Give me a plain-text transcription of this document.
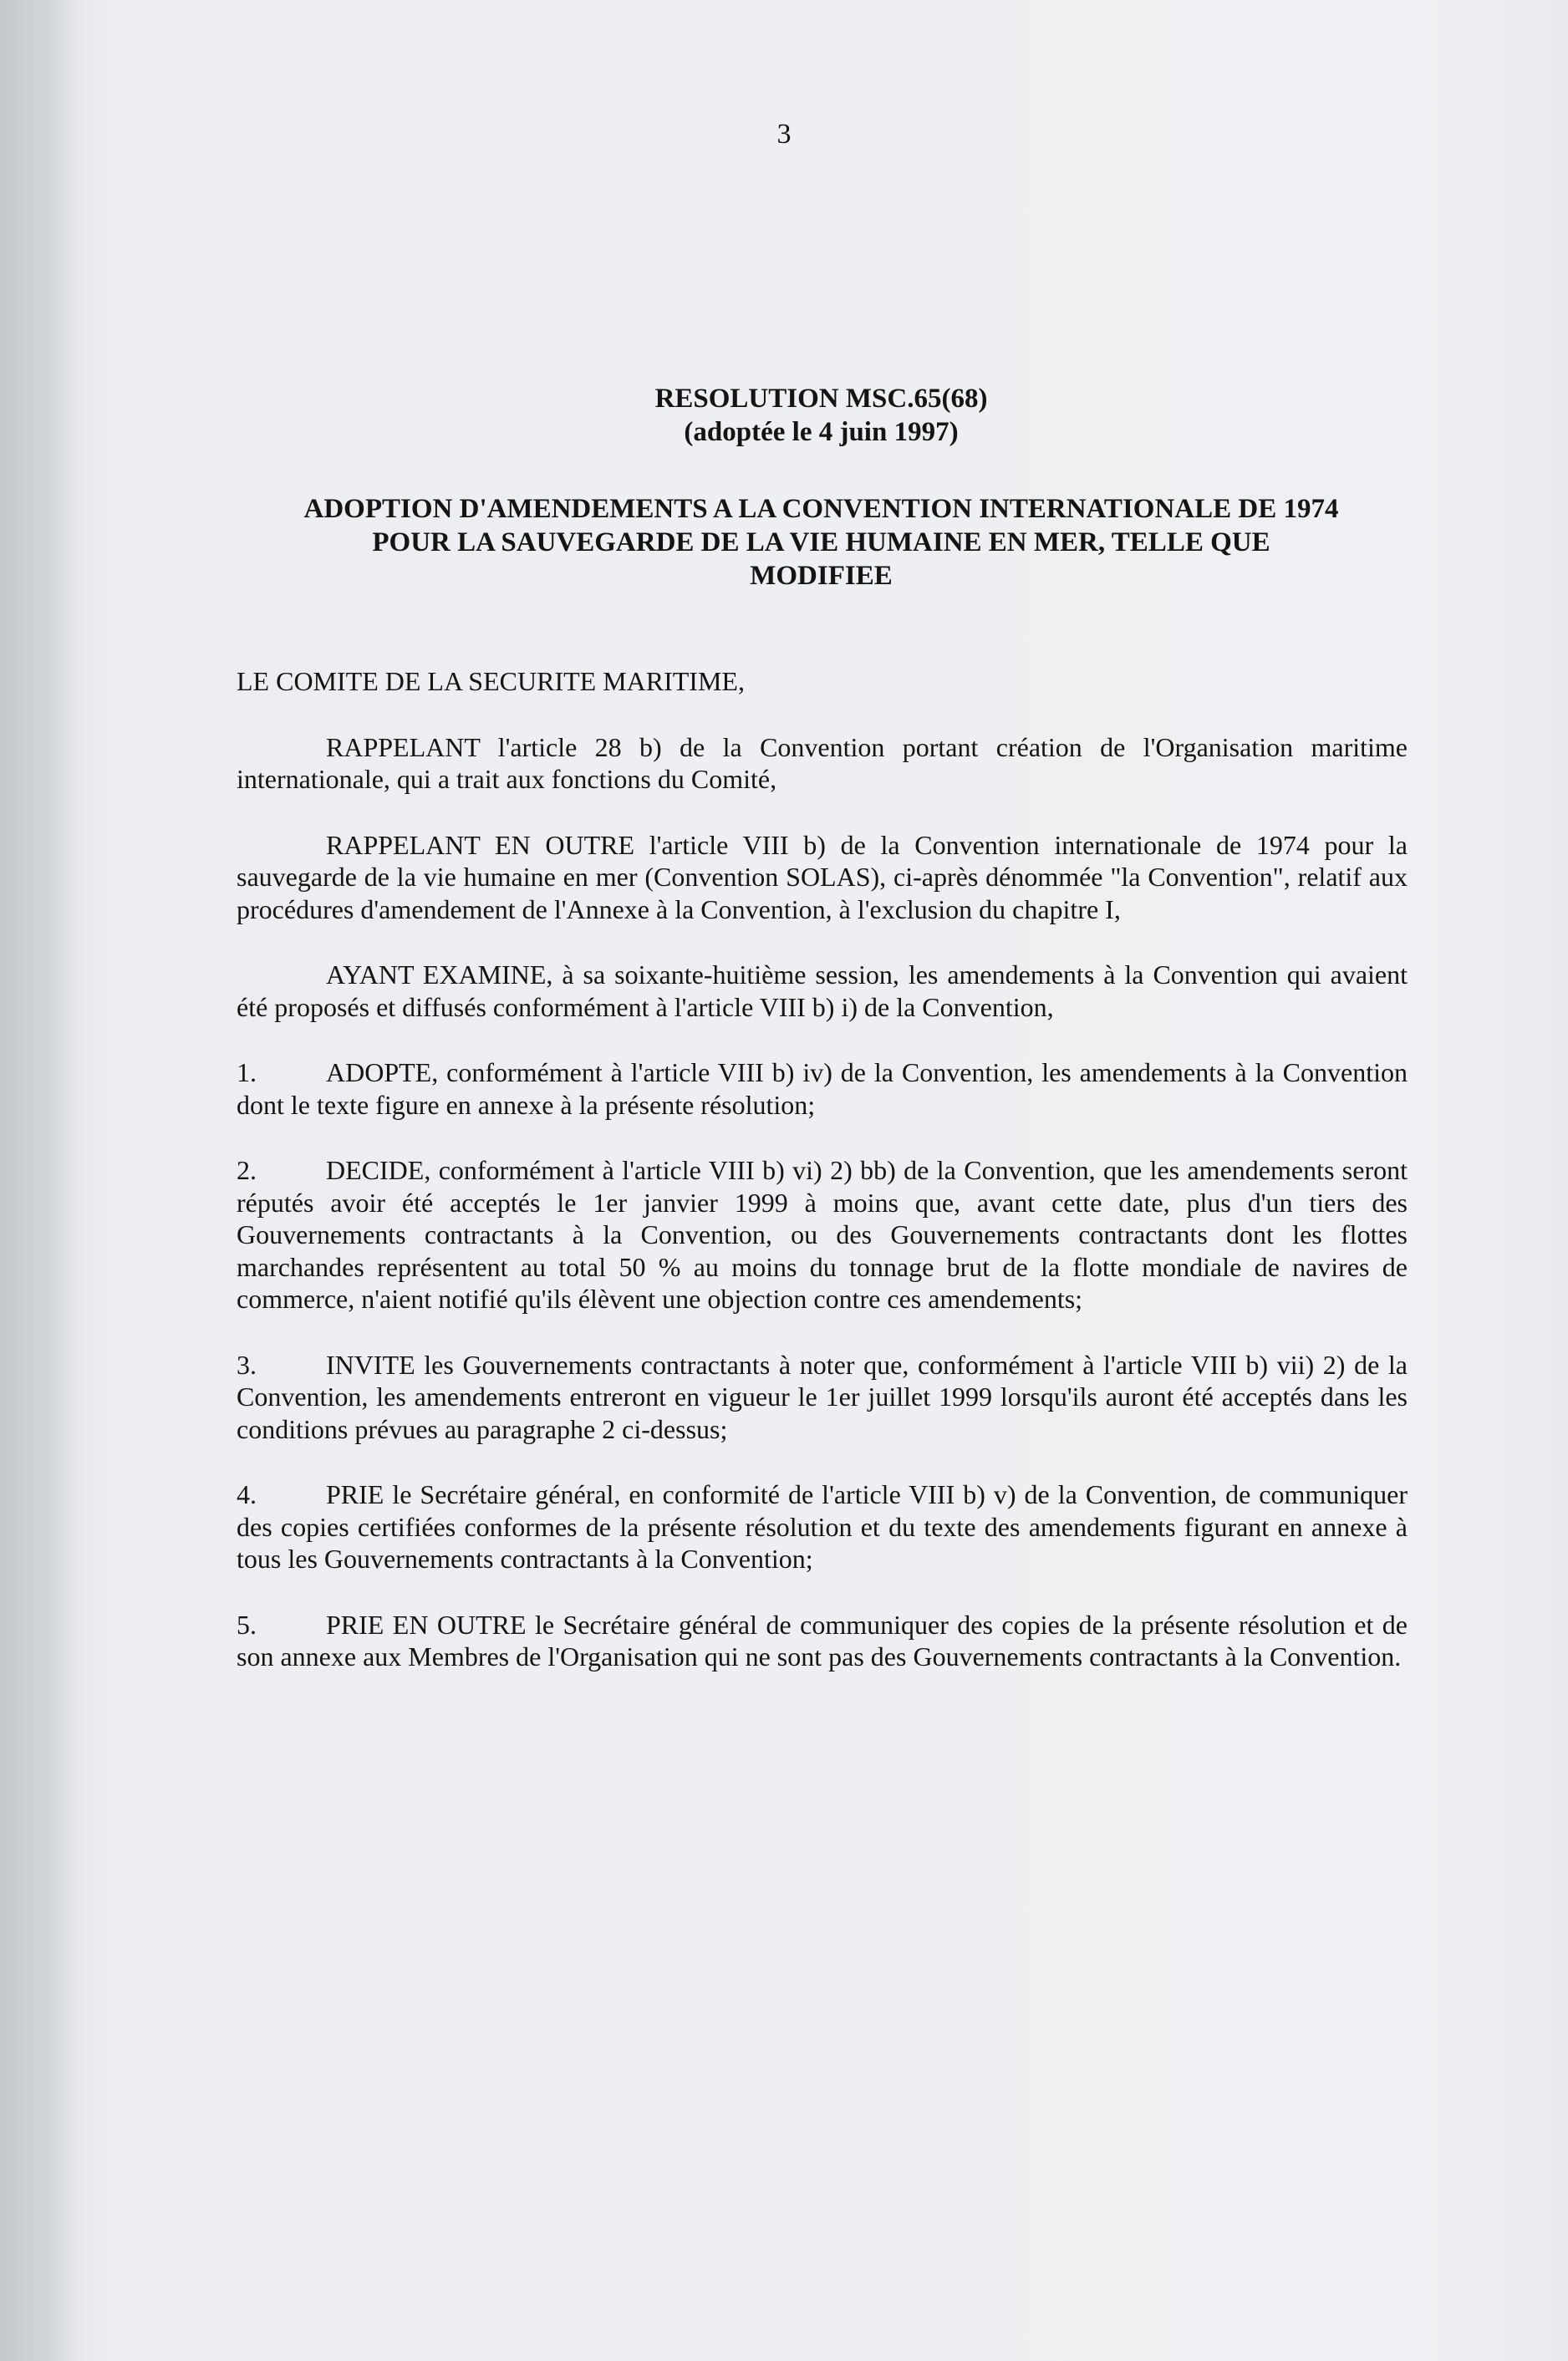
3
RESOLUTION MSC.65(68)
(adoptée le 4 juin 1997)
ADOPTION D'AMENDEMENTS A LA CONVENTION INTERNATIONALE DE 1974
POUR LA SAUVEGARDE DE LA VIE HUMAINE EN MER, TELLE QUE
MODIFIEE

LE COMITE DE LA SECURITE MARITIME,

RAPPELANT l'article 28 b) de la Convention portant création de l'Organisation maritime internationale, qui a trait aux fonctions du Comité,

RAPPELANT EN OUTRE l'article VIII b) de la Convention internationale de 1974 pour la sauvegarde de la vie humaine en mer (Convention SOLAS), ci-après dénommée "la Convention", relatif aux procédures d'amendement de l'Annexe à la Convention, à l'exclusion du chapitre I,

AYANT EXAMINE, à sa soixante-huitième session, les amendements à la Convention qui avaient été proposés et diffusés conformément à l'article VIII b) i) de la Convention,

1.	ADOPTE, conformément à l'article VIII b) iv) de la Convention, les amendements à la Convention dont le texte figure en annexe à la présente résolution;

2.	DECIDE, conformément à l'article VIII b) vi) 2) bb) de la Convention, que les amendements seront réputés avoir été acceptés le 1er janvier 1999 à moins que, avant cette date, plus d'un tiers des Gouvernements contractants à la Convention, ou des Gouvernements contractants dont les flottes marchandes représentent au total 50 % au moins du tonnage brut de la flotte mondiale de navires de commerce, n'aient notifié qu'ils élèvent une objection contre ces amendements;

3.	INVITE les Gouvernements contractants à noter que, conformément à l'article VIII b) vii) 2) de la Convention, les amendements entreront en vigueur le 1er juillet 1999 lorsqu'ils auront été acceptés dans les conditions prévues au paragraphe 2 ci-dessus;

4.	PRIE le Secrétaire général, en conformité de l'article VIII b) v) de la Convention, de communiquer des copies certifiées conformes de la présente résolution et du texte des amendements figurant en annexe à tous les Gouvernements contractants à la Convention;

5.	PRIE EN OUTRE le Secrétaire général de communiquer des copies de la présente résolution et de son annexe aux Membres de l'Organisation qui ne sont pas des Gouvernements contractants à la Convention.
